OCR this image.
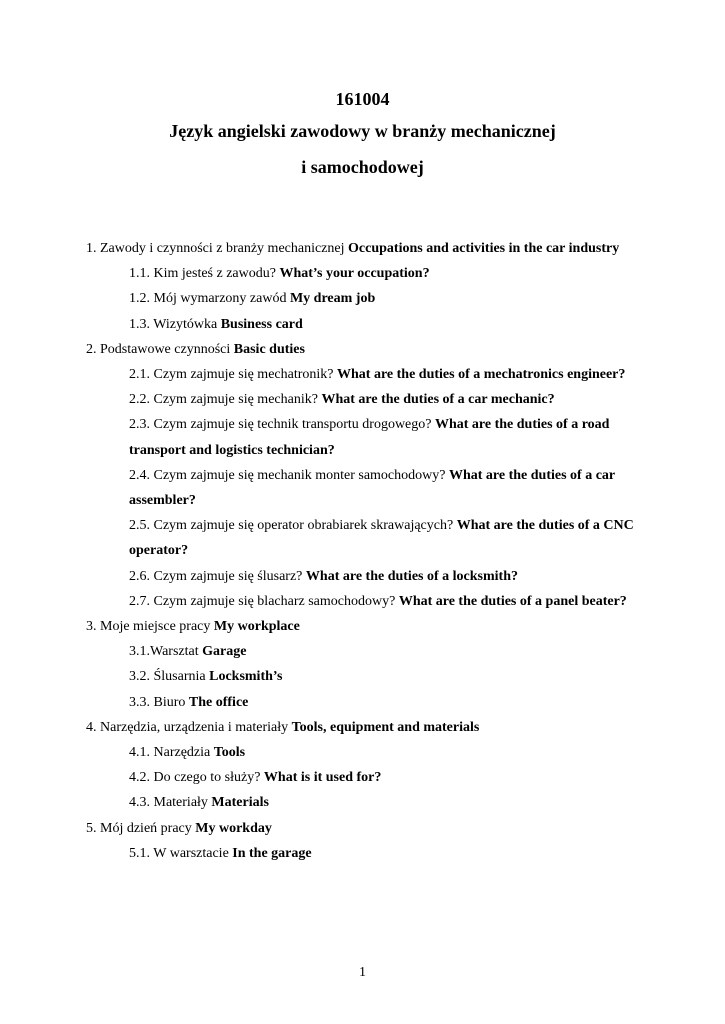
161004
Język angielski zawodowy w branży mechanicznej
i samochodowej

1. Zawody i czynności z branży mechanicznej Occupations and activities in the car industry

1.1. Kim jesteś z zawodu? What’s your occupation?

1.2. Mój wymarzony zawód My dream job

1.3. Wizytówka Business card

2. Podstawowe czynności Basic duties

2.1. Czym zajmuje się mechatronik? What are the duties of a mechatronics engineer?

2.2. Czym zajmuje się mechanik? What are the duties of a car mechanic?

2.3. Czym zajmuje się technik transportu drogowego? What are the duties of a road transport and logistics technician?

2.4. Czym zajmuje się mechanik monter samochodowy? What are the duties of a car assembler?

2.5. Czym zajmuje się operator obrabiarek skrawających? What are the duties of a CNC operator?

2.6. Czym zajmuje się ślusarz? What are the duties of a locksmith?

2.7. Czym zajmuje się blacharz samochodowy? What are the duties of a panel beater?

3. Moje miejsce pracy My workplace

3.1.Warsztat Garage

3.2. Ślusarnia Locksmith’s

3.3. Biuro The office

4. Narzędzia, urządzenia i materiały Tools, equipment and materials

4.1. Narzędzia Tools

4.2. Do czego to służy? What is it used for?

4.3. Materiały Materials

5. Mój dzień pracy My workday

5.1. W warsztacie In the garage

1
